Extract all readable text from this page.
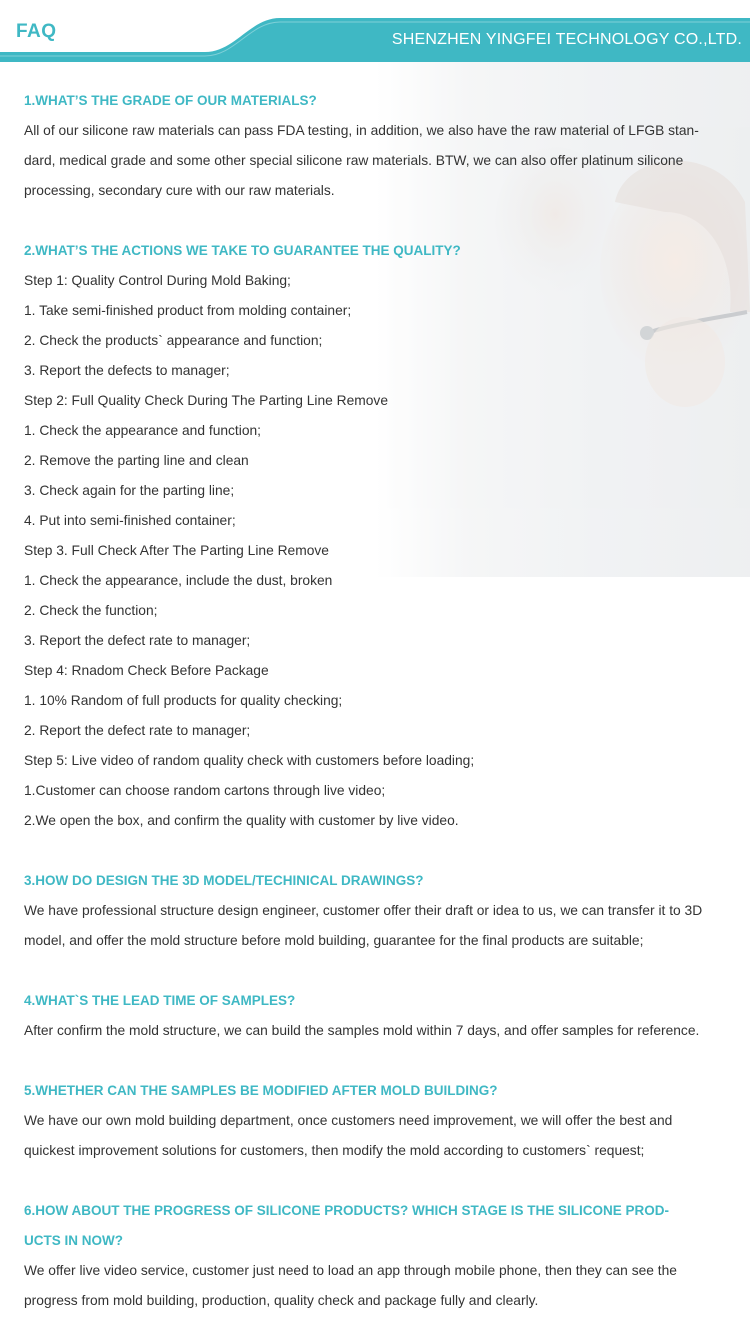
FAQ	SHENZHEN YINGFEI TECHNOLOGY CO.,LTD.

1.WHAT’S THE GRADE OF OUR MATERIALS?

All of our silicone raw materials can pass FDA testing, in addition, we also have the raw material of LFGB stan-

dard, medical grade and some other special silicone raw materials. BTW, we can also offer platinum silicone

processing, secondary cure with our raw materials.

2.WHAT’S THE ACTIONS WE TAKE TO GUARANTEE THE QUALITY?

Step 1: Quality Control During Mold Baking;

1. Take semi-finished product from molding container;

2. Check the products` appearance and function;

3. Report the defects to manager;

Step 2: Full Quality Check During The Parting Line Remove

1. Check the appearance and function;

2. Remove the parting line and clean

3. Check again for the parting line;

4. Put into semi-finished container;

Step 3. Full Check After The Parting Line Remove

1. Check the appearance, include the dust, broken

2. Check the function;

3. Report the defect rate to manager;

Step 4: Rnadom Check Before Package

1. 10% Random of full products for quality checking;

2. Report the defect rate to manager;

Step 5: Live video of random quality check with customers before loading;

1.Customer can choose random cartons through live video;

2.We open the box, and confirm the quality with customer by live video.

3.HOW DO DESIGN THE 3D MODEL/TECHINICAL DRAWINGS?

We have professional structure design engineer, customer offer their draft or idea to us, we can transfer it to 3D

model, and offer the mold structure before mold building, guarantee for the final products are suitable;

4.WHAT`S THE LEAD TIME OF SAMPLES?

After confirm the mold structure, we can build the samples mold within 7 days, and offer samples for reference.

5.WHETHER CAN THE SAMPLES BE MODIFIED AFTER MOLD BUILDING?

We have our own mold building department, once customers need improvement, we will offer the best and

quickest improvement solutions for customers, then modify the mold according to customers` request;

6.HOW ABOUT THE PROGRESS OF SILICONE PRODUCTS? WHICH STAGE IS THE SILICONE PROD-

UCTS IN NOW?

We offer live video service, customer just need to load an app through mobile phone, then they can see the

progress from mold building, production, quality check and package fully and clearly.
